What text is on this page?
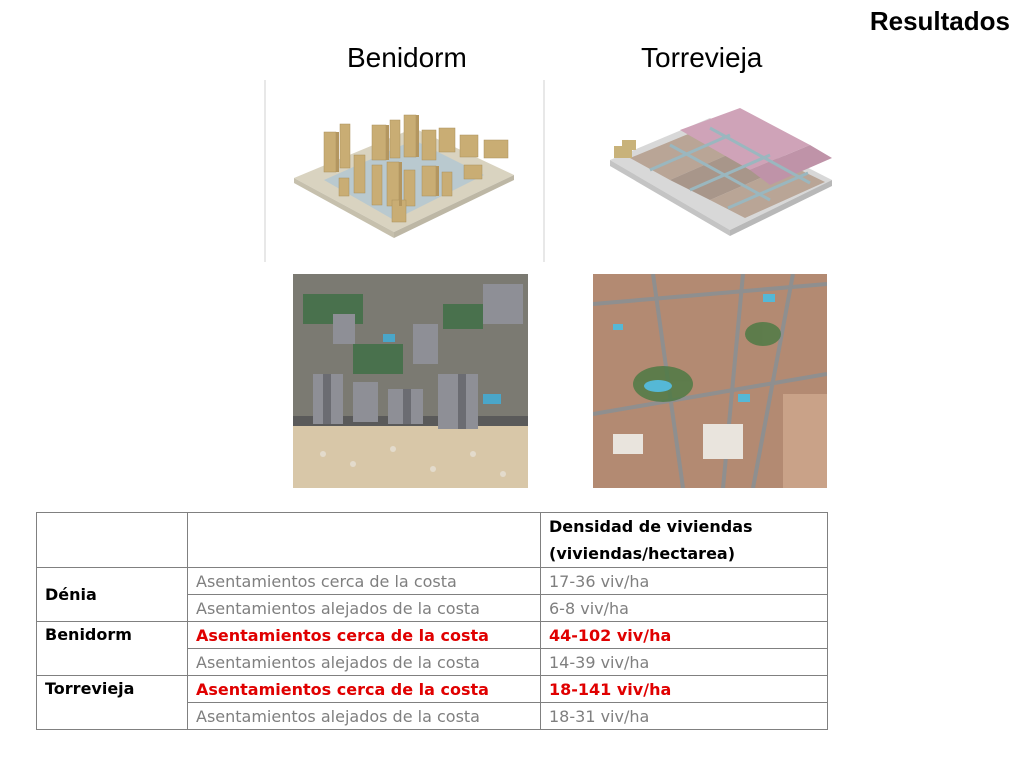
Resultados
Benidorm	Torrevieja

		Densidad de viviendas
(viviendas/hectarea)

Dénia	Asentamientos cerca de la costa	17-36 viv/ha
	Asentamientos alejados de la costa	6-8 viv/ha
Benidorm	Asentamientos cerca de la costa	44-102 viv/ha
	Asentamientos alejados de la costa	14-39 viv/ha
Torrevieja	Asentamientos cerca de la costa	18-141 viv/ha
	Asentamientos alejados de la costa	18-31 viv/ha
